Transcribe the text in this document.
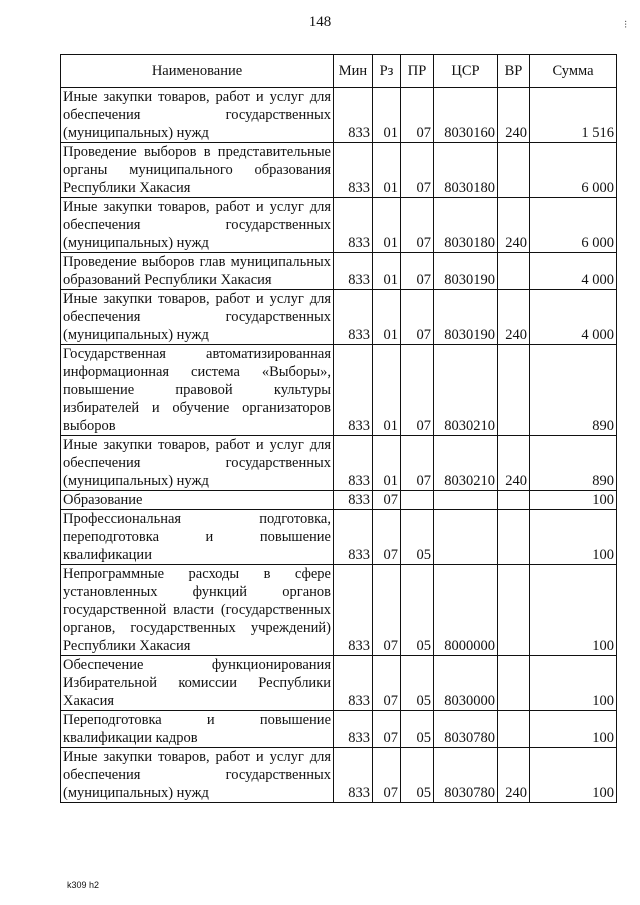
148	...
Наименование	Мин	Рз	ПР	ЦСР	ВР	Сумма
Иные закупки товаров, работ и услуг для обеспечения государственных (муниципальных) нужд	833	01	07	8030160	240	1 516
Проведение выборов в представительные органы муниципального образования Республики Хакасия	833	01	07	8030180		6 000
Иные закупки товаров, работ и услуг для обеспечения государственных (муниципальных) нужд	833	01	07	8030180	240	6 000
Проведение выборов глав муниципальных образований Республики Хакасия	833	01	07	8030190		4 000
Иные закупки товаров, работ и услуг для обеспечения государственных (муниципальных) нужд	833	01	07	8030190	240	4 000
Государственная автоматизированная информационная система «Выборы», повышение правовой культуры избирателей и обучение организаторов выборов	833	01	07	8030210		890
Иные закупки товаров, работ и услуг для обеспечения государственных (муниципальных) нужд	833	01	07	8030210	240	890
Образование	833	07				100
Профессиональная подготовка, переподготовка и повышение квалификации	833	07	05			100
Непрограммные расходы в сфере установленных функций органов государственной власти (государственных органов, государственных учреждений) Республики Хакасия	833	07	05	8000000		100
Обеспечение функционирования Избирательной комиссии Республики Хакасия	833	07	05	8030000		100
Переподготовка и повышение квалификации кадров	833	07	05	8030780		100
Иные закупки товаров, работ и услуг для обеспечения государственных (муниципальных) нужд	833	07	05	8030780	240	100
k309 h2
